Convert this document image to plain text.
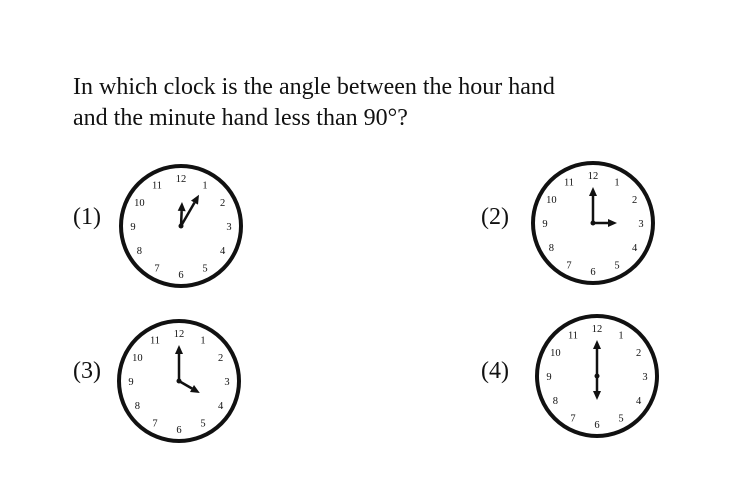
In which clock is the angle between the hour hand
and the minute hand less than 90°?
(1)
12
1
2
3
4
5
6
7
8
9
10
11
(2)
12
1
2
3
4
5
6
7
8
9
10
11
(3)
12
1
2
3
4
5
6
7
8
9
10
11
(4)
12
1
2
3
4
5
6
7
8
9
10
11
